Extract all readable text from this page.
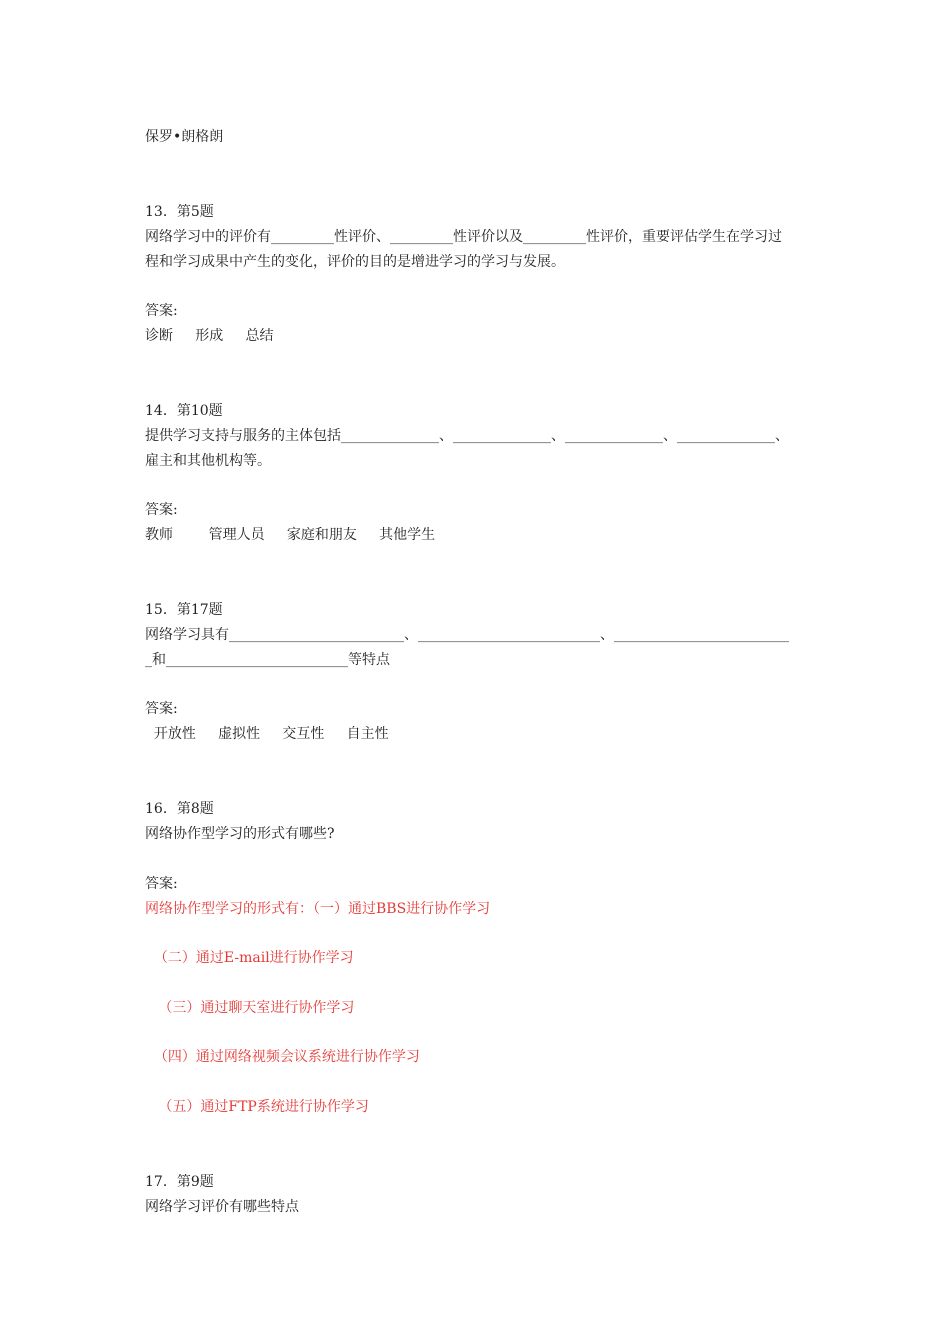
保罗•朗格朗
13．第5题
网络学习中的评价有_________性评价、_________性评价以及_________性评价，重要评估学生在学习过
程和学习成果中产生的变化，评价的目的是增进学习的学习与发展。
答案:
诊断     形成     总结
14．第10题
提供学习支持与服务的主体包括______________、______________、______________、______________、
雇主和其他机构等。
答案:
教师        管理人员     家庭和朋友     其他学生
15．第17题
网络学习具有_________________________、__________________________、_________________________
_和__________________________等特点
答案:
开放性     虚拟性     交互性     自主性
16．第8题
网络协作型学习的形式有哪些?
答案:
网络协作型学习的形式有：（一）通过BBS进行协作学习
（二）通过E-mail进行协作学习
（三）通过聊天室进行协作学习
（四）通过网络视频会议系统进行协作学习
（五）通过FTP系统进行协作学习
17．第9题
网络学习评价有哪些特点
